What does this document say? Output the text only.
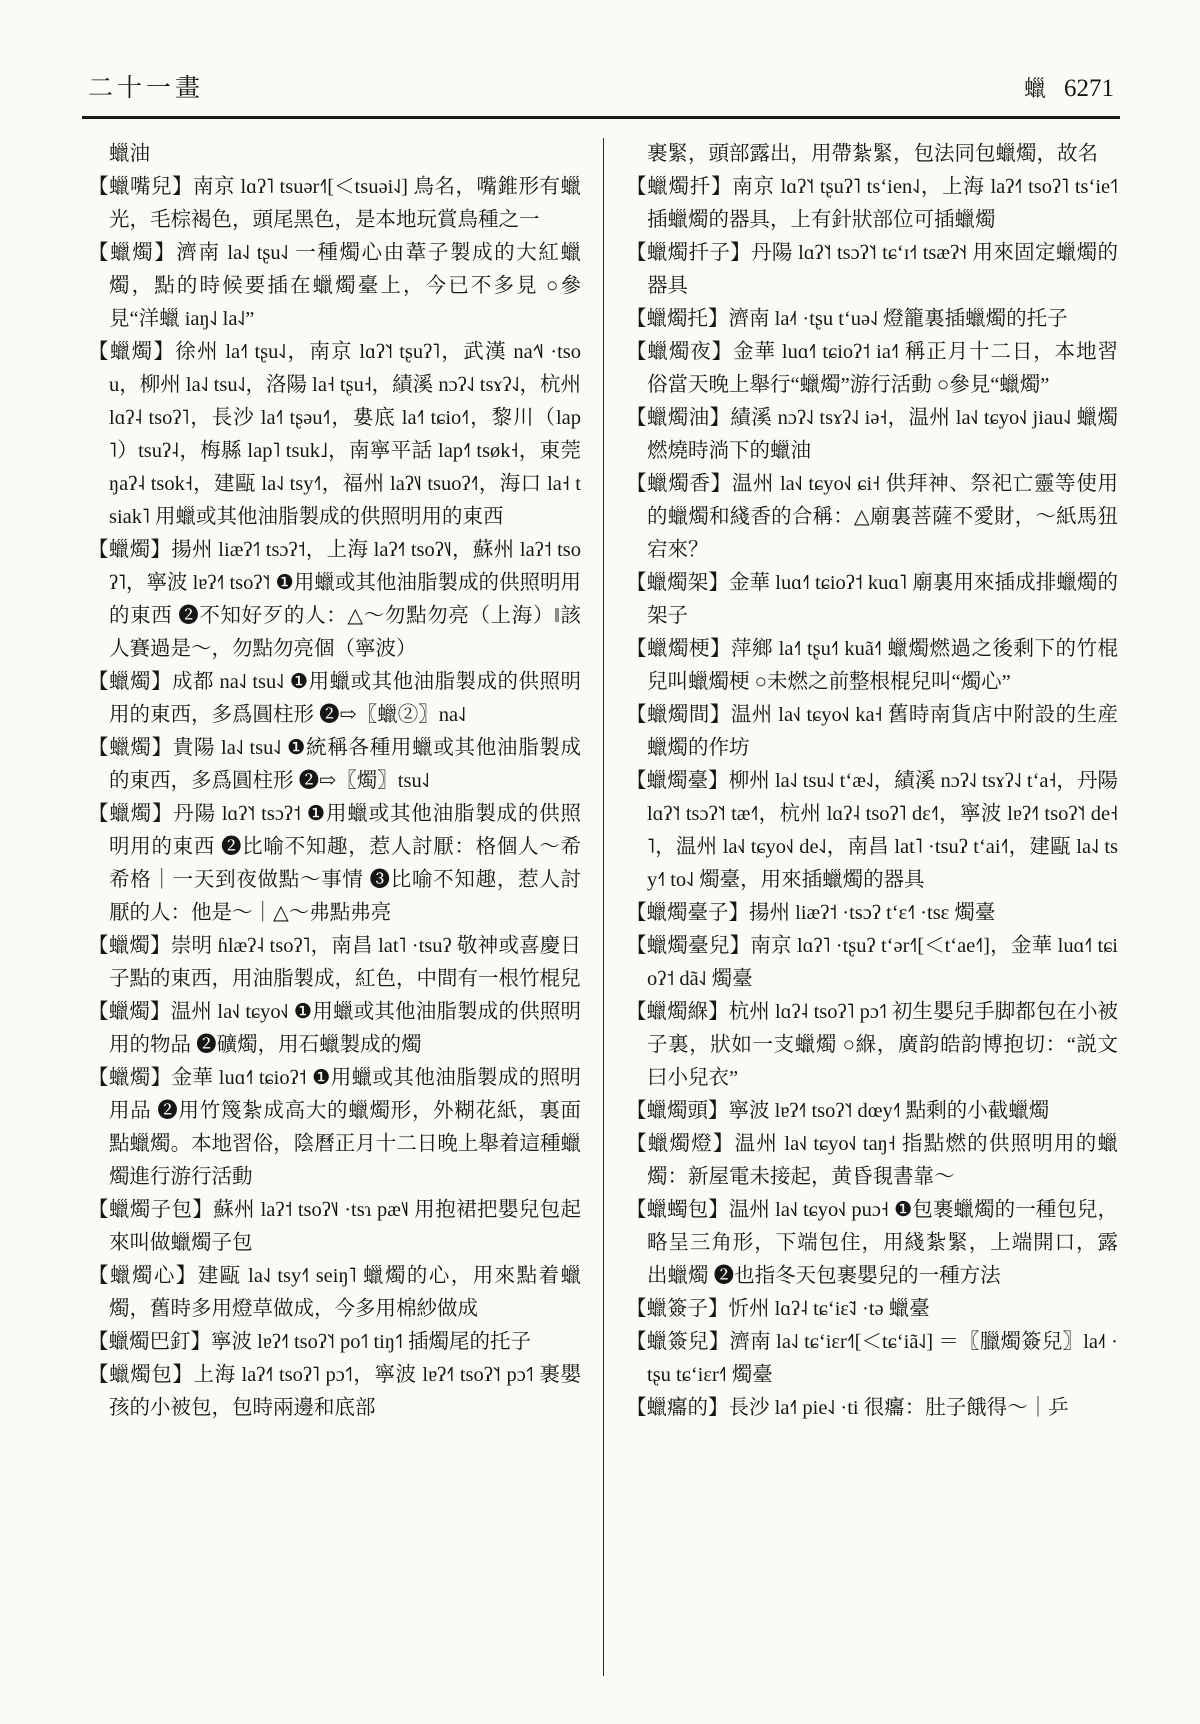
二十一畫	蠟 6271

蠟油

【蠟嘴兒】南京 lɑʔ˥ tsuər˧˥[＜tsuəi˨˩] 鳥名，嘴錐形有蠟光，毛棕褐色，頭尾黑色，是本地玩賞鳥種之一

【蠟燭】濟南 la˨˩ tʂu˨˩ 一種燭心由葦子製成的大紅蠟燭，點的時候要插在蠟燭臺上，今已不多見 ○參見“洋蠟 iaŋ˨˩ la˨˩”

【蠟燭】徐州 la˧˥ tʂu˨˩，南京 lɑʔ˥˦ tʂuʔ˥，武漢 na˧˥˩ ·tsou，柳州 la˨˩ tsu˨˩，洛陽 la˧ tʂu˧，績溪 nɔʔ˨˩ tsɤʔ˨˩，杭州 lɑʔ˨ tsoʔ˥，長沙 la˧˥ tʂəu˧˥，婁底 la˧˥ tɕio˧˥，黎川（lap˥）tsuʔ˨，梅縣 lap˥ tsuk˩，南寧平話 lap˧˥ tsøk˧，東莞 ŋaʔ˨ tsok˧，建甌 la˨˩ tsy˧˥，福州 laʔ˥˩ tsuoʔ˧˥，海口 la˧ tsiak˥ 用蠟或其他油脂製成的供照明用的東西

【蠟燭】揚州 liæʔ˦˥ tsɔʔ˦，上海 laʔ˧˥ tsoʔ˥˩，蘇州 laʔ˦ tsoʔ˥，寧波 lɐʔ˧˥ tsoʔ˥˦ ❶用蠟或其他油脂製成的供照明用的東西 ❷不知好歹的人：△～勿點勿亮（上海）‖該人賽過是～，勿點勿亮個（寧波）

【蠟燭】成都 na˨˩ tsu˨˩ ❶用蠟或其他油脂製成的供照明用的東西，多爲圓柱形 ❷⇨〖蠟②〗na˨˩

【蠟燭】貴陽 la˨˩ tsu˨˩ ❶統稱各種用蠟或其他油脂製成的東西，多爲圓柱形 ❷⇨〖燭〗tsu˨˩

【蠟燭】丹陽 lɑʔ˥˦ tsɔʔ˦ ❶用蠟或其他油脂製成的供照明用的東西 ❷比喻不知趣，惹人討厭：格個人～希希格｜一天到夜做點～事情 ❸比喻不知趣，惹人討厭的人：他是～｜△～弗點弗亮

【蠟燭】崇明 ɦlæʔ˨ tsoʔ˥，南昌 lat˥ ·tsuʔ 敬神或喜慶日子點的東西，用油脂製成，紅色，中間有一根竹棍兒

【蠟燭】温州 la˧˩ tɕyo˧˩ ❶用蠟或其他油脂製成的供照明用的物品 ❷礦燭，用石蠟製成的燭

【蠟燭】金華 luɑ˧˥ tɕioʔ˦ ❶用蠟或其他油脂製成的照明用品 ❷用竹篾紮成高大的蠟燭形，外糊花紙，裏面點蠟燭。本地習俗，陰曆正月十二日晚上舉着這種蠟燭進行游行活動

【蠟燭子包】蘇州 laʔ˦ tsoʔ˥˩ ·tsɿ pæ˥˩ 用抱裙把嬰兒包起來叫做蠟燭子包

【蠟燭心】建甌 la˨˩ tsy˧˥ seiŋ˥ 蠟燭的心，用來點着蠟燭，舊時多用燈草做成，今多用棉紗做成

【蠟燭巴釘】寧波 lɐʔ˧˥ tsoʔ˥˦ po˦˥ tiŋ˦˥ 插燭尾的托子

【蠟燭包】上海 laʔ˧˥ tsoʔ˥ pɔ˦˥，寧波 lɐʔ˧˥ tsoʔ˥˦ pɔ˦˥ 裹嬰孩的小被包，包時兩邊和底部

裹緊，頭部露出，用帶紮緊，包法同包蠟燭，故名

【蠟燭扦】南京 lɑʔ˥˦ tʂuʔ˥ tsʻien˨˩，上海 laʔ˧˥ tsoʔ˥ tsʻie˦˥ 插蠟燭的器具，上有針狀部位可插蠟燭

【蠟燭扦子】丹陽 lɑʔ˥˦ tsɔʔ˥˦ tɕʻɪ˧˦ tsæʔ˦˧ 用來固定蠟燭的器具

【蠟燭托】濟南 la˨˦ ·tʂu tʻuə˨˩ 燈籠裏插蠟燭的托子

【蠟燭夜】金華 luɑ˧˥ tɕioʔ˦ ia˧˥ 稱正月十二日，本地習俗當天晚上舉行“蠟燭”游行活動 ○參見“蠟燭”

【蠟燭油】績溪 nɔʔ˨˩ tsɤʔ˨˩ iə˧，温州 la˧˩ tɕyo˧˩ jiau˨˩ 蠟燭燃燒時淌下的蠟油

【蠟燭香】温州 la˧˩ tɕyo˧˩ ɕi˧ 供拜神、祭祀亡靈等使用的蠟燭和綫香的合稱：△廟裏菩薩不愛財，～紙馬狃宕來？

【蠟燭架】金華 luɑ˧˥ tɕioʔ˦ kuɑ˥ 廟裏用來插成排蠟燭的架子

【蠟燭梗】萍鄉 la˧˥ tʂu˧˥ kuã˧˥ 蠟燭燃過之後剩下的竹棍兒叫蠟燭梗 ○未燃之前整根棍兒叫“燭心”

【蠟燭間】温州 la˧˩ tɕyo˧˩ ka˧ 舊時南貨店中附設的生産蠟燭的作坊

【蠟燭臺】柳州 la˨˩ tsu˨˩ tʻæ˨˩，績溪 nɔʔ˨˩ tsɤʔ˨˩ tʻa˧，丹陽 lɑʔ˥˦ tsɔʔ˥˦ tæ˧˥，杭州 lɑʔ˨ tsoʔ˥ dɛ˧˥，寧波 lɐʔ˧˥ tsoʔ˥˦ de˧˥，温州 la˧˩ tɕyo˧˩ de˨˩，南昌 lat˥ ·tsuʔ tʻai˧˥，建甌 la˨˩ tsy˧˥ to˨˩ 燭臺，用來插蠟燭的器具

【蠟燭臺子】揚州 liæʔ˦ ·tsɔʔ tʻɛ˧˥ ·tsɛ 燭臺

【蠟燭臺兒】南京 lɑʔ˥ ·tʂuʔ tʻər˧˥[＜tʻae˧˥]，金華 luɑ˧˥ tɕioʔ˦ dã˨˩ 燭臺

【蠟燭緥】杭州 lɑʔ˨ tsoʔ˥ pɔ˦˥ 初生嬰兒手脚都包在小被子裏，狀如一支蠟燭 ○緥，廣韵皓韵博抱切：“説文曰小兒衣”

【蠟燭頭】寧波 lɐʔ˧˥ tsoʔ˥˦ dœy˧˥ 點剩的小截蠟燭

【蠟燭燈】温州 la˧˩ tɕyo˧˩ taŋ˧ 指點燃的供照明用的蠟燭：新屋電未接起，黄昏覒書靠～

【蠟蠋包】温州 la˧˩ tɕyo˧˩ puɔ˧ ❶包裹蠟燭的一種包兒，略呈三角形，下端包住，用綫紮緊，上端開口，露出蠟燭 ❷也指冬天包裹嬰兒的一種方法

【蠟簽子】忻州 lɑʔ˨ tɕʻiɛ̃˨˩ ·tə 蠟臺

【蠟簽兒】濟南 la˨˩ tɕʻiɛr˧˥[＜tɕʻiã˨˩] ＝〖臘燭簽兒〗la˨˦ ·tʂu tɕʻiɛr˧˥ 燭臺

【蠟癟的】長沙 la˧˥ pie˨˩ ·ti 很癟：肚子餓得～｜乒
